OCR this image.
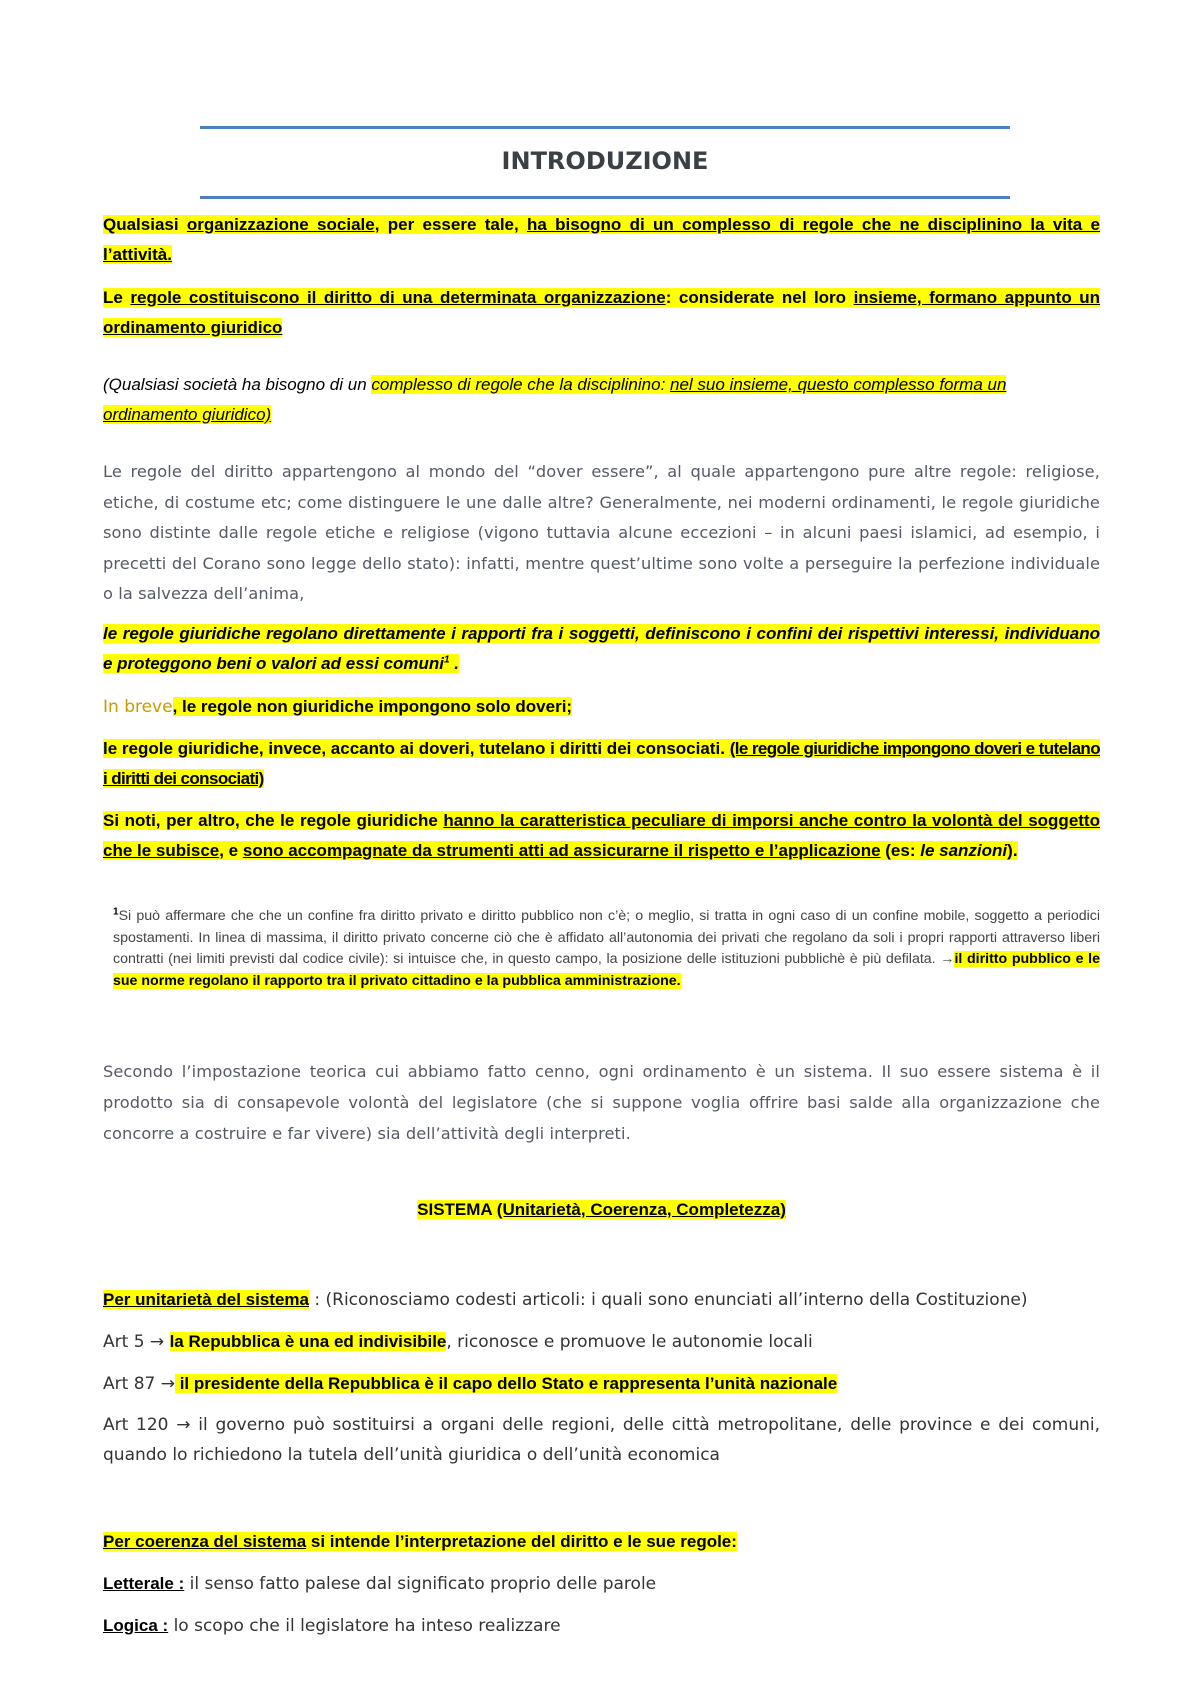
INTRODUZIONE
Qualsiasi organizzazione sociale, per essere tale, ha bisogno di un complesso di regole che ne disciplinino la vita e l’attività.
Le regole costituiscono il diritto di una determinata organizzazione: considerate nel loro insieme, formano appunto un ordinamento giuridico
(Qualsiasi società ha bisogno di un complesso di regole che la disciplinino: nel suo insieme, questo complesso forma un ordinamento giuridico)
Le regole del diritto appartengono al mondo del “dover essere”, al quale appartengono pure altre regole: religiose, etiche, di costume etc; come distinguere le une dalle altre? Generalmente, nei moderni ordinamenti, le regole giuridiche sono distinte dalle regole etiche e religiose (vigono tuttavia alcune eccezioni – in alcuni paesi islamici, ad esempio, i precetti del Corano sono legge dello stato): infatti, mentre quest’ultime sono volte a perseguire la perfezione individuale o la salvezza dell’anima,
le regole giuridiche regolano direttamente i rapporti fra i soggetti, definiscono i confini dei rispettivi interessi, individuano e proteggono beni o valori ad essi comuni$^1$ .
In breve, le regole non giuridiche impongono solo doveri;
le regole giuridiche, invece, accanto ai doveri, tutelano i diritti dei consociati. (le regole giuridiche impongono doveri e tutelano i diritti dei consociati)
Si noti, per altro, che le regole giuridiche hanno la caratteristica peculiare di imporsi anche contro la volontà del soggetto che le subisce, e sono accompagnate da strumenti atti ad assicurarne il rispetto e l’applicazione (es: le sanzioni).
$^1$Si può affermare che che un confine fra diritto privato e diritto pubblico non c’è; o meglio, si tratta in ogni caso di un confine mobile, soggetto a periodici spostamenti. In linea di massima, il diritto privato concerne ciò che è affidato all’autonomia dei privati che regolano da soli i propri rapporti attraverso liberi contratti (nei limiti previsti dal codice civile): si intuisce che, in questo campo, la posizione delle istituzioni pubblichè è più defilata. →il diritto pubblico e le sue norme regolano il rapporto tra il privato cittadino e la pubblica amministrazione.
Secondo l’impostazione teorica cui abbiamo fatto cenno, ogni ordinamento è un sistema. Il suo essere sistema è il prodotto sia di consapevole volontà del legislatore (che si suppone voglia offrire basi salde alla organizzazione che concorre a costruire e far vivere) sia dell’attività degli interpreti.
SISTEMA (Unitarietà, Coerenza, Completezza)
Per unitarietà del sistema : (Riconosciamo codesti articoli: i quali sono enunciati all’interno della Costituzione)
Art 5 → la Repubblica è una ed indivisibile, riconosce e promuove le autonomie locali
Art 87 → il presidente della Repubblica è il capo dello Stato e rappresenta l’unità nazionale
Art 120 → il governo può sostituirsi a organi delle regioni, delle città metropolitane, delle province e dei comuni, quando lo richiedono la tutela dell’unità giuridica o dell’unità economica
Per coerenza del sistema si intende l’interpretazione del diritto e le sue regole:
Letterale : il senso fatto palese dal significato proprio delle parole
Logica : lo scopo che il legislatore ha inteso realizzare
